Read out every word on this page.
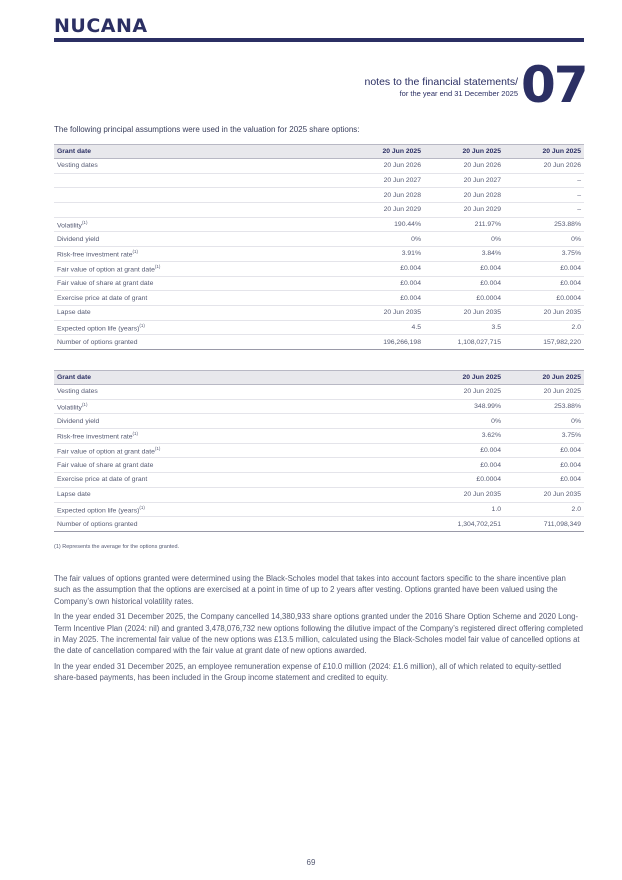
NUCANA
notes to the financial statements/
for the year end 31 December 2025 07
The following principal assumptions were used in the valuation for 2025 share options:
Grant date	20 Jun 2025	20 Jun 2025	20 Jun 2025
Vesting dates	20 Jun 2026	20 Jun 2026	20 Jun 2026
	20 Jun 2027	20 Jun 2027	–
	20 Jun 2028	20 Jun 2028	–
	20 Jun 2029	20 Jun 2029	–
Volatility$^{(1)}$	190.44%	211.97%	253.88%
Dividend yield	0%	0%	0%
Risk-free investment rate$^{(1)}$	3.91%	3.84%	3.75%
Fair value of option at grant date$^{(1)}$	£0.004	£0.004	£0.004
Fair value of share at grant date	£0.004	£0.004	£0.004
Exercise price at date of grant	£0.004	£0.0004	£0.0004
Lapse date	20 Jun 2035	20 Jun 2035	20 Jun 2035
Expected option life (years)$^{(1)}$	4.5	3.5	2.0
Number of options granted	196,266,198	1,108,027,715	157,982,220
Grant date	20 Jun 2025	20 Jun 2025
Vesting dates	20 Jun 2025	20 Jun 2025
Volatility$^{(1)}$	348.99%	253.88%
Dividend yield	0%	0%
Risk-free investment rate$^{(1)}$	3.62%	3.75%
Fair value of option at grant date$^{(1)}$	£0.004	£0.004
Fair value of share at grant date	£0.004	£0.004
Exercise price at date of grant	£0.0004	£0.004
Lapse date	20 Jun 2035	20 Jun 2035
Expected option life (years)$^{(1)}$	1.0	2.0
Number of options granted	1,304,702,251	711,098,349
(1) Represents the average for the options granted.

The fair values of options granted were determined using the Black-Scholes model that takes into account factors specific to the share incentive plan such as the assumption that the options are exercised at a point in time of up to 2 years after vesting. Options granted have been valued using the Company’s own historical volatility rates.

In the year ended 31 December 2025, the Company cancelled 14,380,933 share options granted under the 2016 Share Option Scheme and 2020 Long-Term Incentive Plan (2024: nil) and granted 3,478,076,732 new options following the dilutive impact of the Company’s registered direct offering completed in May 2025. The incremental fair value of the new options was £13.5 million, calculated using the Black-Scholes model fair value of cancelled options at the date of cancellation compared with the fair value at grant date of new options awarded.

In the year ended 31 December 2025, an employee remuneration expense of £10.0 million (2024: £1.6 million), all of which related to equity-settled share-based payments, has been included in the Group income statement and credited to equity.

69
